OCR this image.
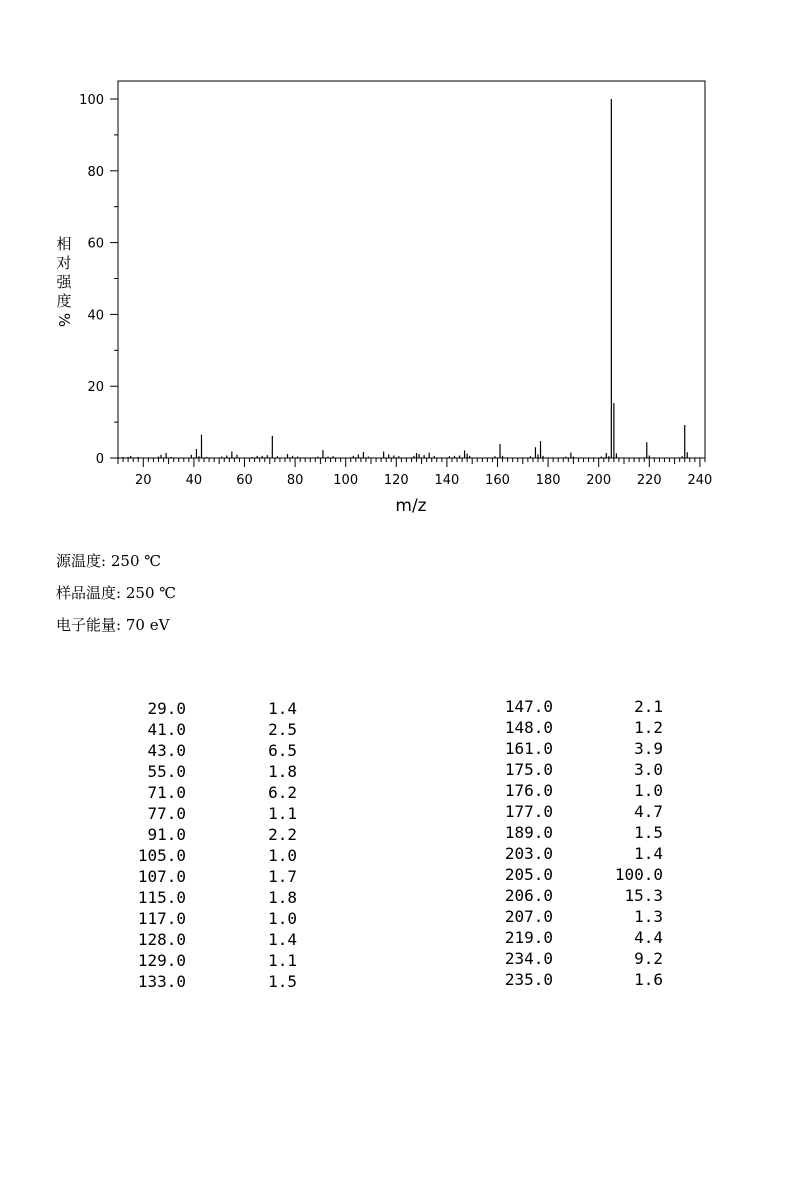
0
20
40
60
80
100
20	40	60	80 100 120 140 160 180 200 220 240
m/z
相
对
强
度
%
源温度: 250 ℃
样品温度: 250 ℃
电子能量: 70 eV
29.0	1.4
41.0	2.5
43.0	6.5
55.0	1.8
71.0	6.2
77.0	1.1
91.0	2.2
105.0	1.0
107.0	1.7
115.0	1.8
117.0	1.0
128.0	1.4
129.0	1.1
133.0	1.5
147.0	2.1
148.0	1.2
161.0	3.9
175.0	3.0
176.0	1.0
177.0	4.7
189.0	1.5
203.0	1.4
205.0	100.0
206.0	15.3
207.0	1.3
219.0	4.4
234.0	9.2
235.0	1.6
